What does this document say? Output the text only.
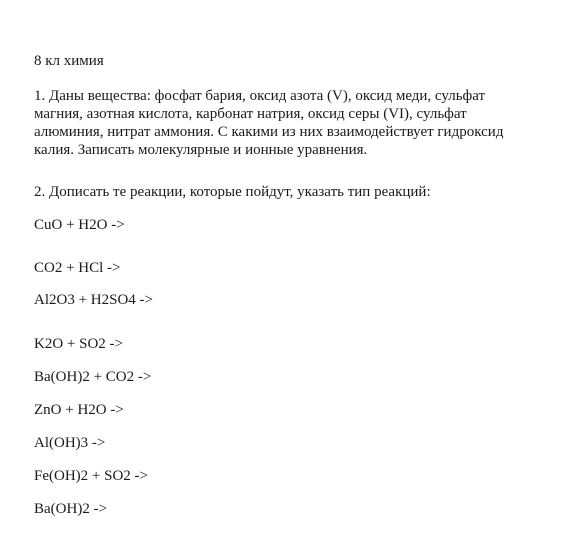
8 кл химия
1. Даны вещества: фосфат бария, оксид азота (V), оксид меди, сульфат
магния, азотная кислота, карбонат натрия, оксид серы (VI), сульфат
алюминия, нитрат аммония. С какими из них взаимодействует гидроксид
калия. Записать молекулярные и ионные уравнения.
2. Дописать те реакции, которые пойдут, указать тип реакций:
CuO + H2O ->
CO2 + HCl ->
Al2O3 + H2SO4 ->
K2O + SO2 ->
Ba(OH)2 + CO2 ->
ZnO + H2O ->
Al(OH)3 ->
Fe(OH)2 + SO2 ->
Ba(OH)2 ->
